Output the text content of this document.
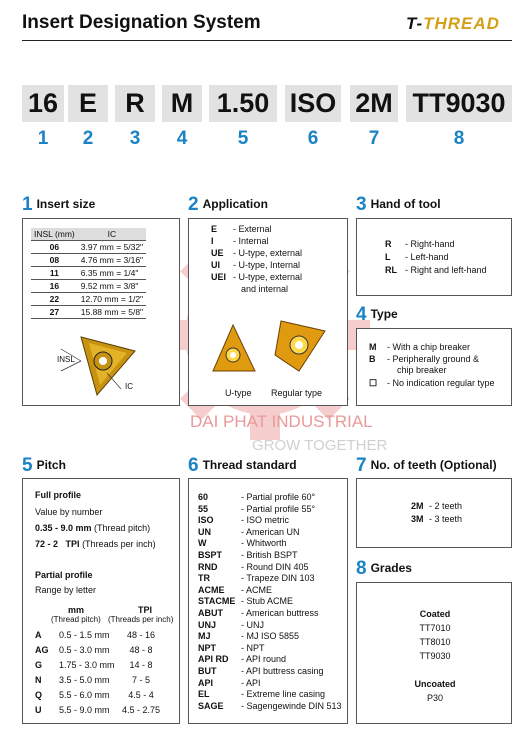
Insert Designation System	T-THREAD
DAI PHAT INDUSTRIAL
GROW TOGETHER
16
1
E
2
R
3
M
4
1.50
5
ISO
6
2M
7
TT9030
8
1 Insert size
INSL (mm)	IC
06	3.97 mm = 5/32"
08	4.76 mm = 3/16"
11	6.35 mm = 1/4"
16	9.52 mm = 3/8"
22	12.70 mm = 1/2"
27	15.88 mm = 5/8"
INSL
IC
2 Application
E - External
I - Internal
UE - U-type, external
UI - U-type, Internal
UEI - U-type, external
and internal
U-type Regular type
3 Hand of tool
R - Right-hand
L - Left-hand
RL - Right and left-hand
4 Type
M - With a chip breaker
B - Peripherally ground &
chip breaker
☐ - No indication regular type
5 Pitch
Full profile
Value by number
0.35 - 9.0 mm (Thread pitch)
72 - 2 TPI (Threads per inch)
Partial profile
Range by letter
mm
(Thread pitch)
TPI
(Threads per inch)
A 0.5 - 1.5 mm	48 - 16
AG 0.5 - 3.0 mm	48 - 8
G 1.75 - 3.0 mm	14 - 8
N 3.5 - 5.0 mm	7 - 5
Q 5.5 - 6.0 mm	4.5 - 4
U 5.5 - 9.0 mm	4.5 - 2.75
6 Thread standard
60	- Partial profile 60°
55	- Partial profile 55°
ISO	- ISO metric
UN	- American UN
W	- Whitworth
BSPT - British BSPT
RND	- Round DIN 405
TR	- Trapeze DIN 103
ACME - ACME
STACME - Stub ACME
ABUT - American buttress
UNJ	- UNJ
MJ	- MJ ISO 5855
NPT	- NPT
API RD - API round
BUT	- API buttress casing
API	- API
EL	- Extreme line casing
SAGE - Sagengewinde DIN 513
7 No. of teeth (Optional)
2M - 2 teeth
3M - 3 teeth
8 Grades
Coated
TT7010
TT8010
TT9030
Uncoated
P30
